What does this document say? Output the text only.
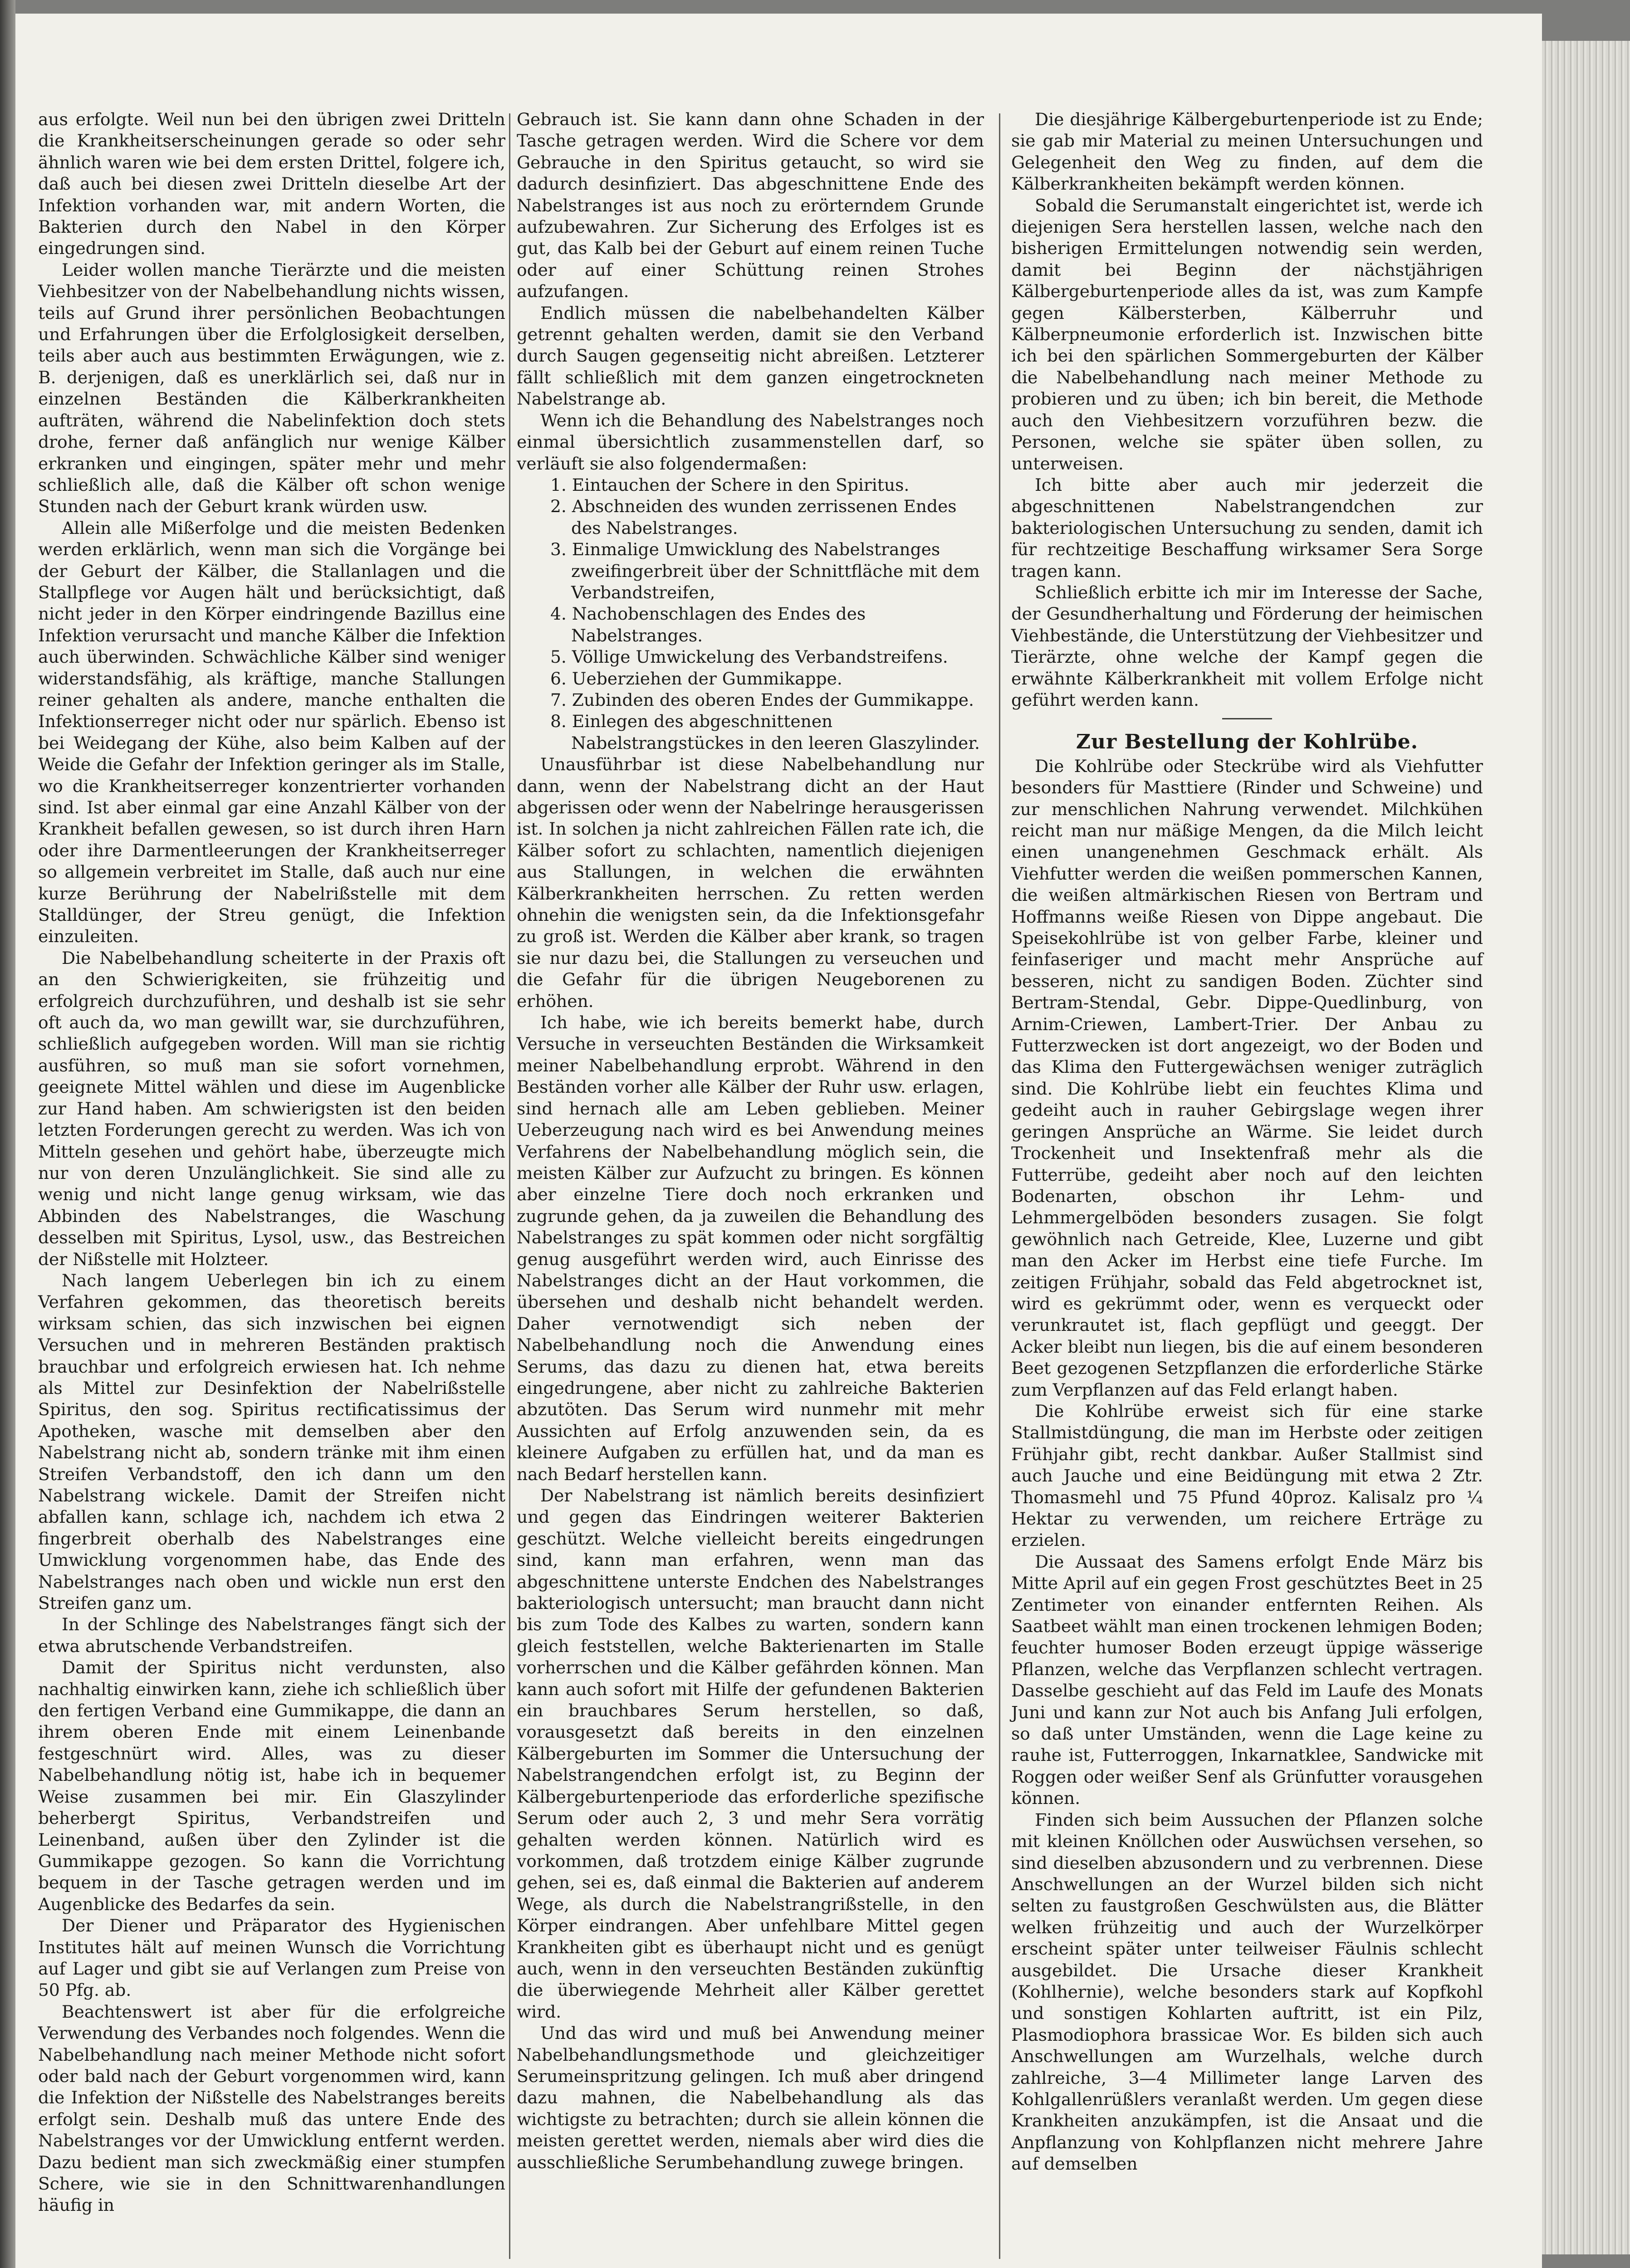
aus erfolgte. Weil nun bei den übrigen zwei Dritteln die Krankheitserscheinungen gerade so oder sehr ähnlich waren wie bei dem ersten Drittel, folgere ich, daß auch bei diesen zwei Dritteln dieselbe Art der Infektion vorhanden war, mit andern Worten, die Bakterien durch den Nabel in den Körper eingedrungen sind.

Leider wollen manche Tierärzte und die meisten Viehbesitzer von der Nabelbehandlung nichts wissen, teils auf Grund ihrer persönlichen Beobachtungen und Erfahrungen über die Erfolglosigkeit derselben, teils aber auch aus bestimmten Erwägungen, wie z. B. derjenigen, daß es unerklärlich sei, daß nur in einzelnen Beständen die Kälberkrankheiten aufträten, während die Nabelinfektion doch stets drohe, ferner daß anfänglich nur wenige Kälber erkranken und eingingen, später mehr und mehr schließlich alle, daß die Kälber oft schon wenige Stunden nach der Geburt krank würden usw.

Allein alle Mißerfolge und die meisten Bedenken werden erklärlich, wenn man sich die Vorgänge bei der Geburt der Kälber, die Stallanlagen und die Stallpflege vor Augen hält und berücksichtigt, daß nicht jeder in den Körper eindringende Bazillus eine Infektion verursacht und manche Kälber die Infektion auch überwinden. Schwächliche Kälber sind weniger widerstandsfähig, als kräftige, manche Stallungen reiner gehalten als andere, manche enthalten die Infektionserreger nicht oder nur spärlich. Ebenso ist bei Weidegang der Kühe, also beim Kalben auf der Weide die Gefahr der Infektion geringer als im Stalle, wo die Krankheitserreger konzentrierter vorhanden sind. Ist aber einmal gar eine Anzahl Kälber von der Krankheit befallen gewesen, so ist durch ihren Harn oder ihre Darmentleerungen der Krankheitserreger so allgemein verbreitet im Stalle, daß auch nur eine kurze Berührung der Nabelrißstelle mit dem Stalldünger, der Streu genügt, die Infektion einzuleiten.

Die Nabelbehandlung scheiterte in der Praxis oft an den Schwierigkeiten, sie frühzeitig und erfolgreich durchzuführen, und deshalb ist sie sehr oft auch da, wo man gewillt war, sie durchzuführen, schließlich aufgegeben worden. Will man sie richtig ausführen, so muß man sie sofort vornehmen, geeignete Mittel wählen und diese im Augenblicke zur Hand haben. Am schwierigsten ist den beiden letzten Forderungen gerecht zu werden. Was ich von Mitteln gesehen und gehört habe, überzeugte mich nur von deren Unzulänglichkeit. Sie sind alle zu wenig und nicht lange genug wirksam, wie das Abbinden des Nabelstranges, die Waschung desselben mit Spiritus, Lysol, usw., das Bestreichen der Nißstelle mit Holzteer.

Nach langem Ueberlegen bin ich zu einem Verfahren gekommen, das theoretisch bereits wirksam schien, das sich inzwischen bei eignen Versuchen und in mehreren Beständen praktisch brauchbar und erfolgreich erwiesen hat. Ich nehme als Mittel zur Desinfektion der Nabelrißstelle Spiritus, den sog. Spiritus rectificatissimus der Apotheken, wasche mit demselben aber den Nabelstrang nicht ab, sondern tränke mit ihm einen Streifen Verbandstoff, den ich dann um den Nabelstrang wickele. Damit der Streifen nicht abfallen kann, schlage ich, nachdem ich etwa 2 fingerbreit oberhalb des Nabelstranges eine Umwicklung vorgenommen habe, das Ende des Nabelstranges nach oben und wickle nun erst den Streifen ganz um.

In der Schlinge des Nabelstranges fängt sich der etwa abrutschende Verbandstreifen.

Damit der Spiritus nicht verdunsten, also nachhaltig einwirken kann, ziehe ich schließlich über den fertigen Verband eine Gummikappe, die dann an ihrem oberen Ende mit einem Leinenbande festgeschnürt wird. Alles, was zu dieser Nabelbehandlung nötig ist, habe ich in bequemer Weise zusammen bei mir. Ein Glaszylinder beherbergt Spiritus, Verbandstreifen und Leinenband, außen über den Zylinder ist die Gummikappe gezogen. So kann die Vorrichtung bequem in der Tasche getragen werden und im Augenblicke des Bedarfes da sein.

Der Diener und Präparator des Hygienischen Institutes hält auf meinen Wunsch die Vorrichtung auf Lager und gibt sie auf Verlangen zum Preise von 50 Pfg. ab.

Beachtenswert ist aber für die erfolgreiche Verwendung des Verbandes noch folgendes. Wenn die Nabelbehandlung nach meiner Methode nicht sofort oder bald nach der Geburt vorgenommen wird, kann die Infektion der Nißstelle des Nabelstranges bereits erfolgt sein. Deshalb muß das untere Ende des Nabelstranges vor der Umwicklung entfernt werden. Dazu bedient man sich zweckmäßig einer stumpfen Schere, wie sie in den Schnittwarenhandlungen häufig in

Gebrauch ist. Sie kann dann ohne Schaden in der Tasche getragen werden. Wird die Schere vor dem Gebrauche in den Spiritus getaucht, so wird sie dadurch desinfiziert. Das abgeschnittene Ende des Nabelstranges ist aus noch zu erörterndem Grunde aufzubewahren. Zur Sicherung des Erfolges ist es gut, das Kalb bei der Geburt auf einem reinen Tuche oder auf einer Schüttung reinen Strohes aufzufangen.

Endlich müssen die nabelbehandelten Kälber getrennt gehalten werden, damit sie den Verband durch Saugen gegenseitig nicht abreißen. Letzterer fällt schließlich mit dem ganzen eingetrockneten Nabelstrange ab.

Wenn ich die Behandlung des Nabelstranges noch einmal übersichtlich zusammenstellen darf, so verläuft sie also folgendermaßen:

1. Eintauchen der Schere in den Spiritus.

2. Abschneiden des wunden zerrissenen Endes des Nabelstranges.

3. Einmalige Umwicklung des Nabelstranges zweifingerbreit über der Schnittfläche mit dem Verbandstreifen,

4. Nachobenschlagen des Endes des Nabelstranges.

5. Völlige Umwickelung des Verbandstreifens.

6. Ueberziehen der Gummikappe.

7. Zubinden des oberen Endes der Gummikappe.

8. Einlegen des abgeschnittenen Nabelstrangstückes in den leeren Glaszylinder.

Unausführbar ist diese Nabelbehandlung nur dann, wenn der Nabelstrang dicht an der Haut abgerissen oder wenn der Nabelringe herausgerissen ist. In solchen ja nicht zahlreichen Fällen rate ich, die Kälber sofort zu schlachten, namentlich diejenigen aus Stallungen, in welchen die erwähnten Kälberkrankheiten herrschen. Zu retten werden ohnehin die wenigsten sein, da die Infektionsgefahr zu groß ist. Werden die Kälber aber krank, so tragen sie nur dazu bei, die Stallungen zu verseuchen und die Gefahr für die übrigen Neugeborenen zu erhöhen.

Ich habe, wie ich bereits bemerkt habe, durch Versuche in verseuchten Beständen die Wirksamkeit meiner Nabelbehandlung erprobt. Während in den Beständen vorher alle Kälber der Ruhr usw. erlagen, sind hernach alle am Leben geblieben. Meiner Ueberzeugung nach wird es bei Anwendung meines Verfahrens der Nabelbehandlung möglich sein, die meisten Kälber zur Aufzucht zu bringen. Es können aber einzelne Tiere doch noch erkranken und zugrunde gehen, da ja zuweilen die Behandlung des Nabelstranges zu spät kommen oder nicht sorgfältig genug ausgeführt werden wird, auch Einrisse des Nabelstranges dicht an der Haut vorkommen, die übersehen und deshalb nicht behandelt werden. Daher vernotwendigt sich neben der Nabelbehandlung noch die Anwendung eines Serums, das dazu zu dienen hat, etwa bereits eingedrungene, aber nicht zu zahlreiche Bakterien abzutöten. Das Serum wird nunmehr mit mehr Aussichten auf Erfolg anzuwenden sein, da es kleinere Aufgaben zu erfüllen hat, und da man es nach Bedarf herstellen kann.

Der Nabelstrang ist nämlich bereits desinfiziert und gegen das Eindringen weiterer Bakterien geschützt. Welche vielleicht bereits eingedrungen sind, kann man erfahren, wenn man das abgeschnittene unterste Endchen des Nabelstranges bakteriologisch untersucht; man braucht dann nicht bis zum Tode des Kalbes zu warten, sondern kann gleich feststellen, welche Bakterienarten im Stalle vorherrschen und die Kälber gefährden können. Man kann auch sofort mit Hilfe der gefundenen Bakterien ein brauchbares Serum herstellen, so daß, vorausgesetzt daß bereits in den einzelnen Kälbergeburten im Sommer die Untersuchung der Nabelstrangendchen erfolgt ist, zu Beginn der Kälbergeburtenperiode das erforderliche spezifische Serum oder auch 2, 3 und mehr Sera vorrätig gehalten werden können. Natürlich wird es vorkommen, daß trotzdem einige Kälber zugrunde gehen, sei es, daß einmal die Bakterien auf anderem Wege, als durch die Nabelstrangrißstelle, in den Körper eindrangen. Aber unfehlbare Mittel gegen Krankheiten gibt es überhaupt nicht und es genügt auch, wenn in den verseuchten Beständen zukünftig die überwiegende Mehrheit aller Kälber gerettet wird.

Und das wird und muß bei Anwendung meiner Nabelbehandlungsmethode und gleichzeitiger Serumeinspritzung gelingen. Ich muß aber dringend dazu mahnen, die Nabelbehandlung als das wichtigste zu betrachten; durch sie allein können die meisten gerettet werden, niemals aber wird dies die ausschließliche Serumbehandlung zuwege bringen.

Die diesjährige Kälbergeburtenperiode ist zu Ende; sie gab mir Material zu meinen Untersuchungen und Gelegenheit den Weg zu finden, auf dem die Kälberkrankheiten bekämpft werden können.

Sobald die Serumanstalt eingerichtet ist, werde ich diejenigen Sera herstellen lassen, welche nach den bisherigen Ermittelungen notwendig sein werden, damit bei Beginn der nächstjährigen Kälbergeburtenperiode alles da ist, was zum Kampfe gegen Kälbersterben, Kälberruhr und Kälberpneumonie erforderlich ist. Inzwischen bitte ich bei den spärlichen Sommergeburten der Kälber die Nabelbehandlung nach meiner Methode zu probieren und zu üben; ich bin bereit, die Methode auch den Viehbesitzern vorzuführen bezw. die Personen, welche sie später üben sollen, zu unterweisen.

Ich bitte aber auch mir jederzeit die abgeschnittenen Nabelstrangendchen zur bakteriologischen Untersuchung zu senden, damit ich für rechtzeitige Beschaffung wirksamer Sera Sorge tragen kann.

Schließlich erbitte ich mir im Interesse der Sache, der Gesundherhaltung und Förderung der heimischen Viehbestände, die Unterstützung der Viehbesitzer und Tierärzte, ohne welche der Kampf gegen die erwähnte Kälberkrankheit mit vollem Erfolge nicht geführt werden kann.

Zur Bestellung der Kohlrübe.

Die Kohlrübe oder Steckrübe wird als Viehfutter besonders für Masttiere (Rinder und Schweine) und zur menschlichen Nahrung verwendet. Milchkühen reicht man nur mäßige Mengen, da die Milch leicht einen unangenehmen Geschmack erhält. Als Viehfutter werden die weißen pommerschen Kannen, die weißen altmärkischen Riesen von Bertram und Hoffmanns weiße Riesen von Dippe angebaut. Die Speisekohlrübe ist von gelber Farbe, kleiner und feinfaseriger und macht mehr Ansprüche auf besseren, nicht zu sandigen Boden. Züchter sind Bertram-Stendal, Gebr. Dippe-Quedlinburg, von Arnim-Criewen, Lambert-Trier. Der Anbau zu Futterzwecken ist dort angezeigt, wo der Boden und das Klima den Futtergewächsen weniger zuträglich sind. Die Kohlrübe liebt ein feuchtes Klima und gedeiht auch in rauher Gebirgslage wegen ihrer geringen Ansprüche an Wärme. Sie leidet durch Trockenheit und Insektenfraß mehr als die Futterrübe, gedeiht aber noch auf den leichten Bodenarten, obschon ihr Lehm- und Lehmmergelböden besonders zusagen. Sie folgt gewöhnlich nach Getreide, Klee, Luzerne und gibt man den Acker im Herbst eine tiefe Furche. Im zeitigen Frühjahr, sobald das Feld abgetrocknet ist, wird es gekrümmt oder, wenn es verqueckt oder verunkrautet ist, flach gepflügt und geeggt. Der Acker bleibt nun liegen, bis die auf einem besonderen Beet gezogenen Setzpflanzen die erforderliche Stärke zum Verpflanzen auf das Feld erlangt haben.

Die Kohlrübe erweist sich für eine starke Stallmistdüngung, die man im Herbste oder zeitigen Frühjahr gibt, recht dankbar. Außer Stallmist sind auch Jauche und eine Beidüngung mit etwa 2 Ztr. Thomasmehl und 75 Pfund 40proz. Kalisalz pro ¼ Hektar zu verwenden, um reichere Erträge zu erzielen.

Die Aussaat des Samens erfolgt Ende März bis Mitte April auf ein gegen Frost geschütztes Beet in 25 Zentimeter von einander entfernten Reihen. Als Saatbeet wählt man einen trockenen lehmigen Boden; feuchter humoser Boden erzeugt üppige wässerige Pflanzen, welche das Verpflanzen schlecht vertragen. Dasselbe geschieht auf das Feld im Laufe des Monats Juni und kann zur Not auch bis Anfang Juli erfolgen, so daß unter Umständen, wenn die Lage keine zu rauhe ist, Futterroggen, Inkarnatklee, Sandwicke mit Roggen oder weißer Senf als Grünfutter vorausgehen können.

Finden sich beim Aussuchen der Pflanzen solche mit kleinen Knöllchen oder Auswüchsen versehen, so sind dieselben abzusondern und zu verbrennen. Diese Anschwellungen an der Wurzel bilden sich nicht selten zu faustgroßen Geschwülsten aus, die Blätter welken frühzeitig und auch der Wurzelkörper erscheint später unter teilweiser Fäulnis schlecht ausgebildet. Die Ursache dieser Krankheit (Kohlhernie), welche besonders stark auf Kopfkohl und sonstigen Kohlarten auftritt, ist ein Pilz, Plasmodiophora brassicae Wor. Es bilden sich auch Anschwellungen am Wurzelhals, welche durch zahlreiche, 3—4 Millimeter lange Larven des Kohlgallenrüßlers veranlaßt werden. Um gegen diese Krankheiten anzukämpfen, ist die Ansaat und die Anpflanzung von Kohlpflanzen nicht mehrere Jahre auf demselben
